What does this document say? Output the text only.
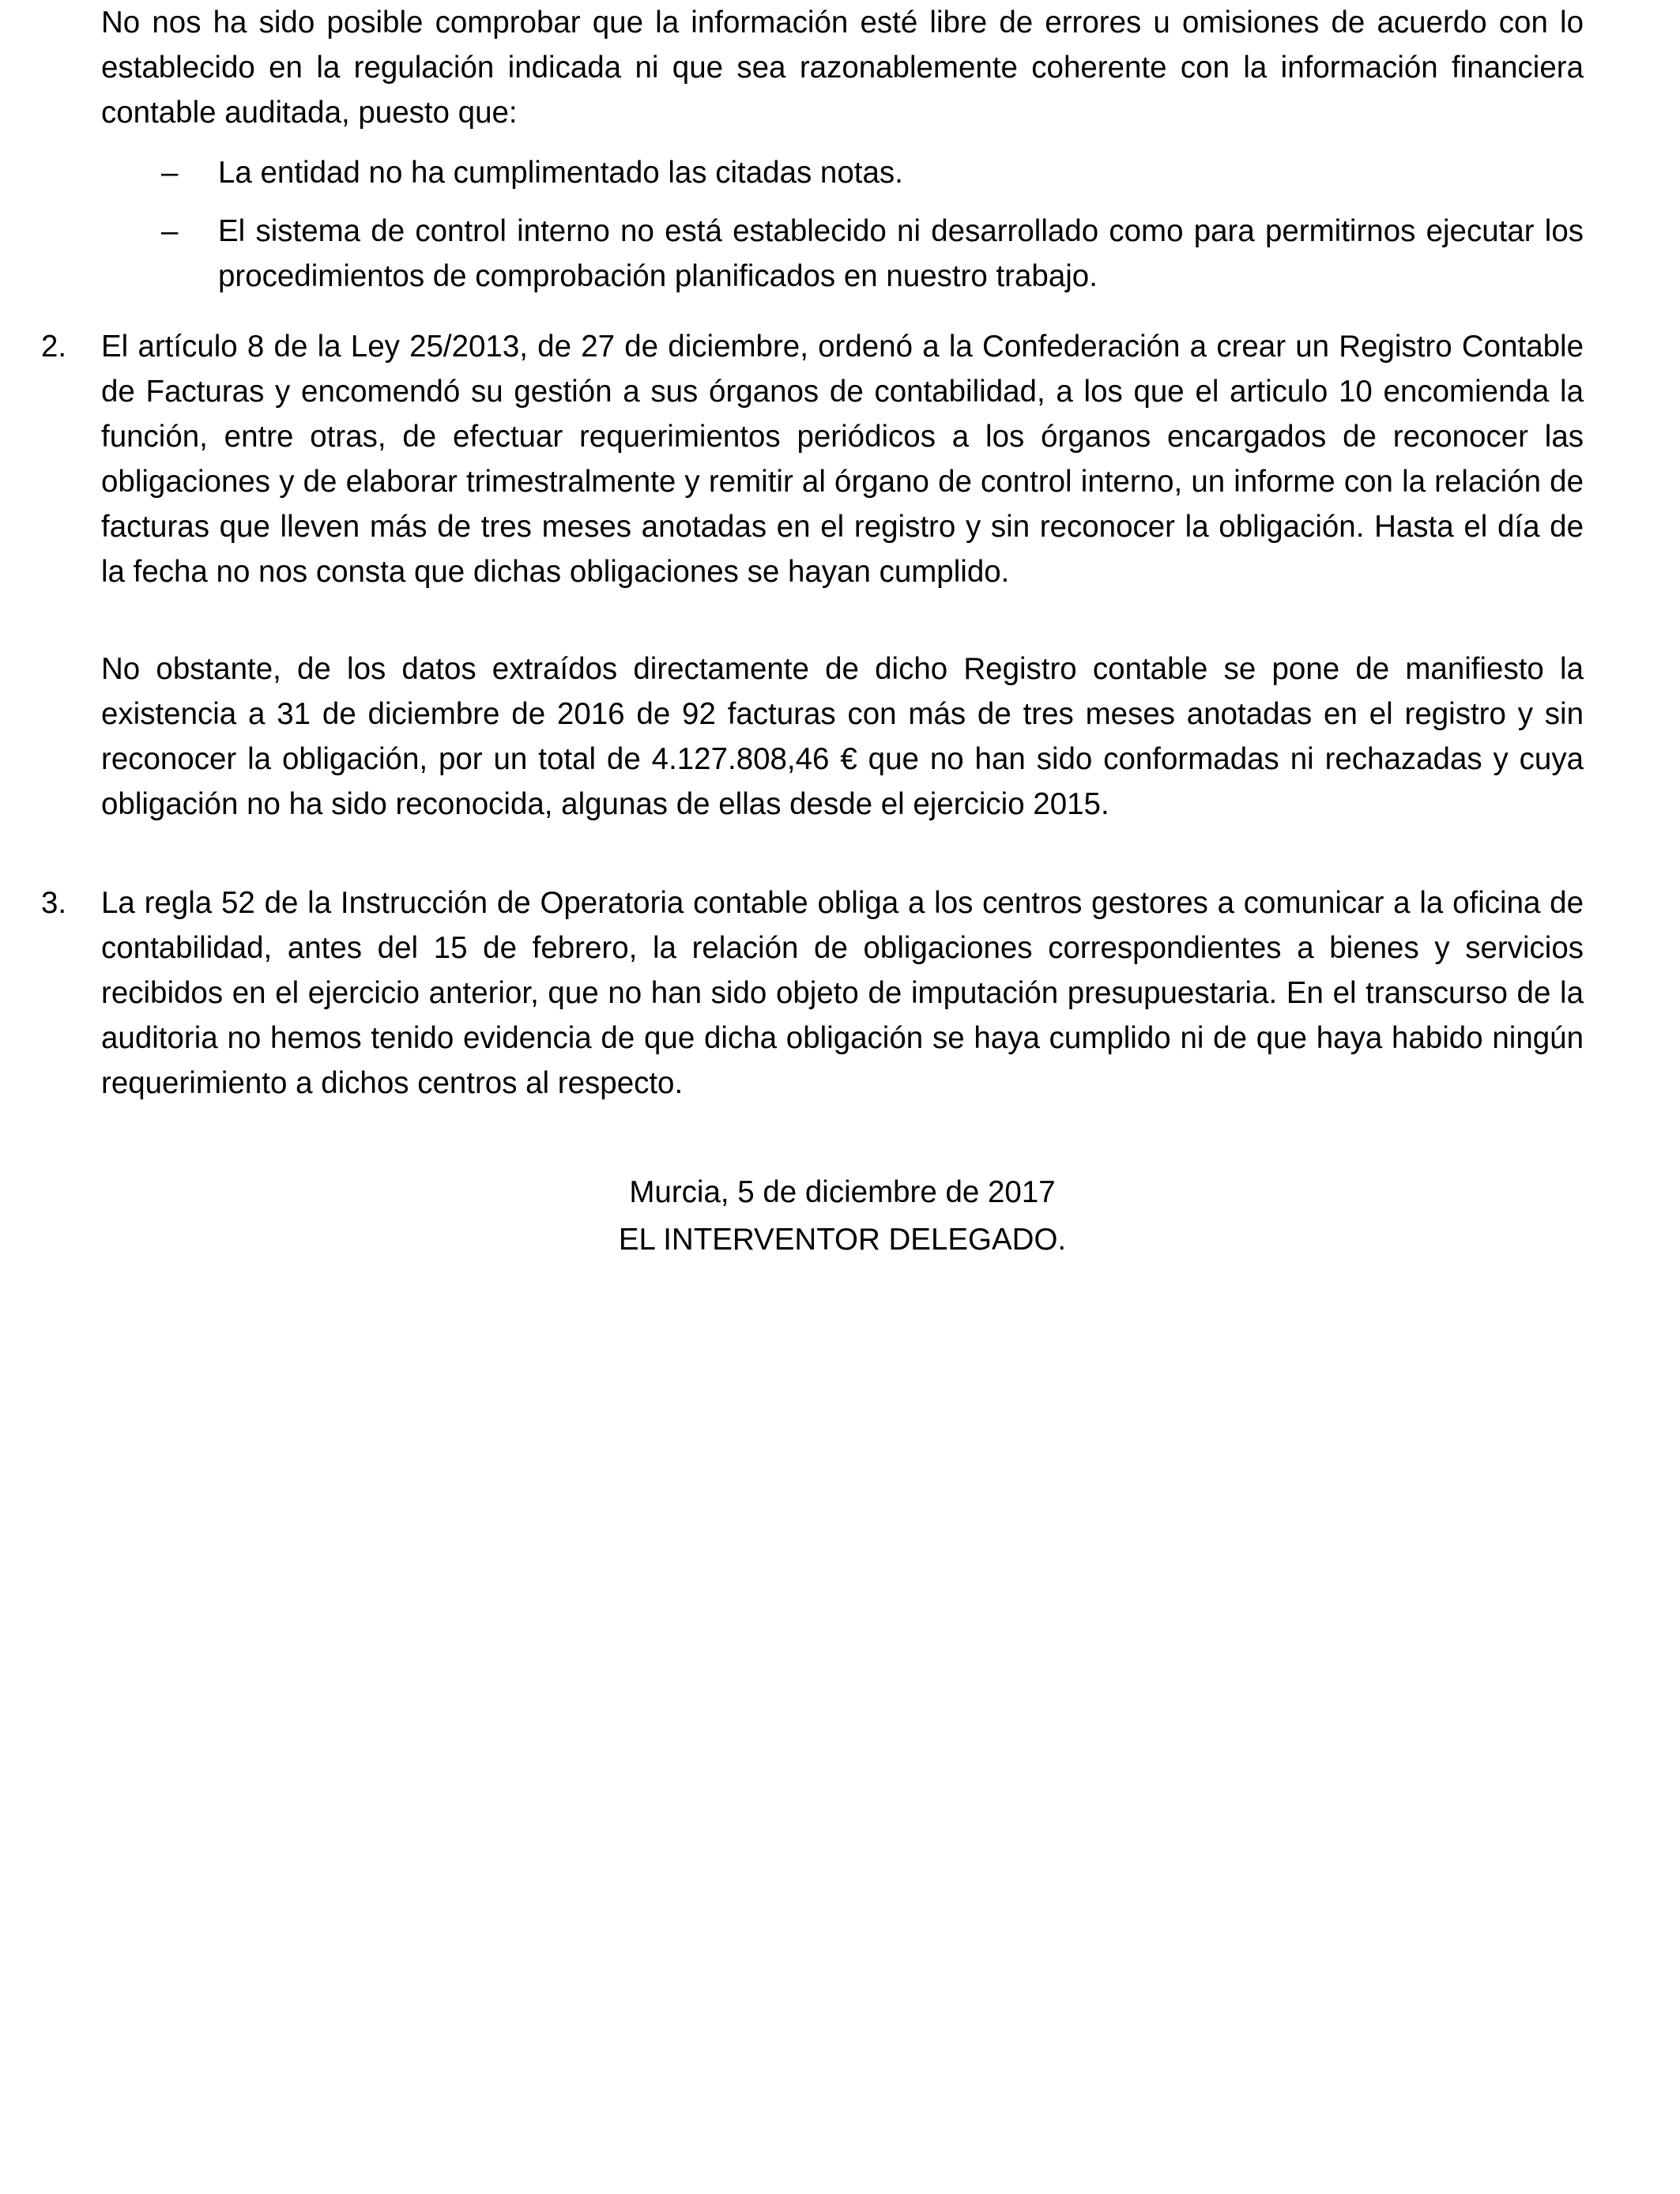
No nos ha sido posible comprobar que la información esté libre de errores u omisiones de acuerdo con lo establecido en la regulación indicada ni que sea razonablemente coherente con la información financiera contable auditada, puesto que:

– La entidad no ha cumplimentado las citadas notas.

– El sistema de control interno no está establecido ni desarrollado como para permitirnos ejecutar los procedimientos de comprobación planificados en nuestro trabajo.

2.	El artículo 8 de la Ley 25/2013, de 27 de diciembre, ordenó a la Confederación a crear un Registro Contable de Facturas y encomendó su gestión a sus órganos de contabilidad, a los que el articulo 10 encomienda la función, entre otras, de efectuar requerimientos periódicos a los órganos encargados de reconocer las obligaciones y de elaborar trimestralmente y remitir al órgano de control interno, un informe con la relación de facturas que lleven más de tres meses anotadas en el registro y sin reconocer la obligación. Hasta el día de la fecha no nos consta que dichas obligaciones se hayan cumplido.

No obstante, de los datos extraídos directamente de dicho Registro contable se pone de manifiesto la existencia a 31 de diciembre de 2016 de 92 facturas con más de tres meses anotadas en el registro y sin reconocer la obligación, por un total de 4.127.808,46 € que no han sido conformadas ni rechazadas y cuya obligación no ha sido reconocida, algunas de ellas desde el ejercicio 2015.

3.	La regla 52 de la Instrucción de Operatoria contable obliga a los centros gestores a comunicar a la oficina de contabilidad, antes del 15 de febrero, la relación de obligaciones correspondientes a bienes y servicios recibidos en el ejercicio anterior, que no han sido objeto de imputación presupuestaria. En el transcurso de la auditoria no hemos tenido evidencia de que dicha obligación se haya cumplido ni de que haya habido ningún requerimiento a dichos centros al respecto.

Murcia, 5 de diciembre de 2017
EL INTERVENTOR DELEGADO.
